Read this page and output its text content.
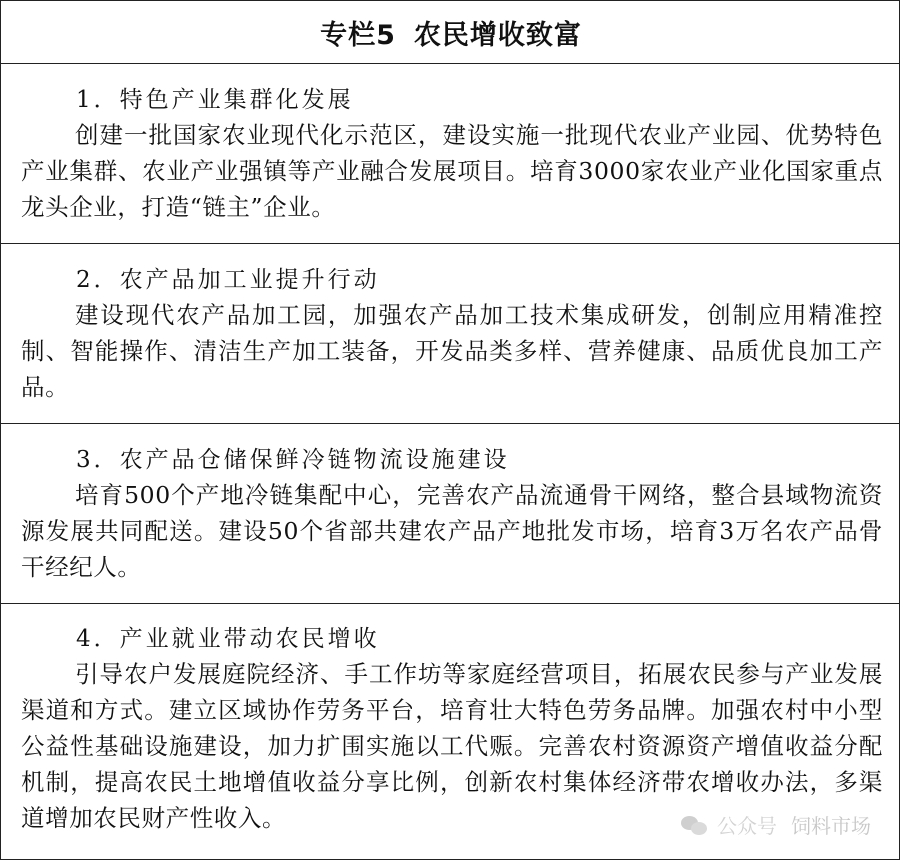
专栏5 农民增收致富
1．特色产业集群化发展
创建一批国家农业现代化示范区，建设实施一批现代农业产业园、优势特色产业集群、农业产业强镇等产业融合发展项目。培育3000家农业产业化国家重点龙头企业，打造“链主”企业。
2．农产品加工业提升行动
建设现代农产品加工园，加强农产品加工技术集成研发，创制应用精准控制、智能操作、清洁生产加工装备，开发品类多样、营养健康、品质优良加工产品。
3．农产品仓储保鲜冷链物流设施建设
培育500个产地冷链集配中心，完善农产品流通骨干网络，整合县域物流资源发展共同配送。建设50个省部共建农产品产地批发市场，培育3万名农产品骨干经纪人。
4．产业就业带动农民增收
引导农户发展庭院经济、手工作坊等家庭经营项目，拓展农民参与产业发展渠道和方式。建立区域协作劳务平台，培育壮大特色劳务品牌。加强农村中小型公益性基础设施建设，加力扩围实施以工代赈。完善农村资源资产增值收益分配机制，提高农民土地增值收益分享比例，创新农村集体经济带农增收办法，多渠道增加农民财产性收入。	公众号 饲料市场
